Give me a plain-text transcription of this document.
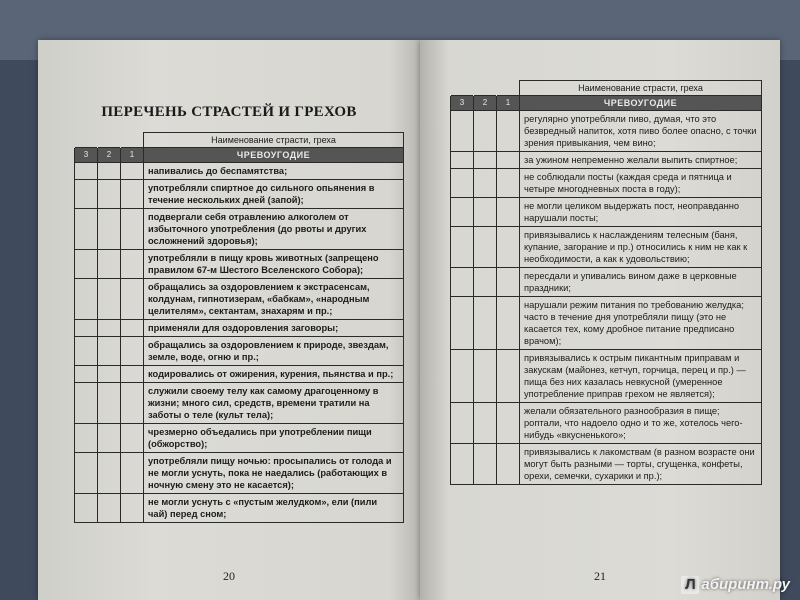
ПЕРЕЧЕНЬ СТРАСТЕЙ И ГРЕХОВ
			Наименование страсти, греха
3	2	1	ЧРЕВОУГОДИЕ
			напивались до беспамятства;
			употребляли спиртное до сильного опьянения в течение нескольких дней (запой);
			подвергали себя отравлению алкоголем от избыточного употребления (до рвоты и других осложнений здоровья);
			употребляли в пищу кровь животных (запрещено правилом 67-м Шестого Вселенского Собора);
			обращались за оздоровлением к экстрасенсам, колдунам, гипнотизерам, «бабкам», «народным целителям», сектантам, знахарям и пр.;
			применяли для оздоровления заговоры;
			обращались за оздоровлением к природе, звездам, земле, воде, огню и пр.;
			кодировались от ожирения, курения, пьянства и пр.;
			служили своему телу как самому драгоценному в жизни; много сил, средств, времени тратили на заботы о теле (культ тела);
			чрезмерно объедались при употреблении пищи (обжорство);
			употребляли пищу ночью: просыпались от голода и не могли уснуть, пока не наедались (работающих в ночную смену это не касается);
			не могли уснуть с «пустым желудком», ели (пили чай) перед сном;
20
			Наименование страсти, греха
3	2	1	ЧРЕВОУГОДИЕ
			регулярно употребляли пиво, думая, что это безвредный напиток, хотя пиво более опасно, с точки зрения привыкания, чем вино;
			за ужином непременно желали выпить спиртное;
			не соблюдали посты (каждая среда и пятница и четыре многодневных поста в году);
			не могли целиком выдержать пост, неоправданно нарушали посты;
			привязывались к наслаждениям телесным (баня, купание, загорание и пр.) относились к ним не как к необходимости, а как к удовольствию;
			пересдали и упивались вином даже в церковные праздники;
			нарушали режим питания по требованию желудка; часто в течение дня употребляли пищу (это не касается тех, кому дробное питание предписано врачом);
			привязывались к острым пикантным приправам и закускам (майонез, кетчуп, горчица, перец и пр.) — пища без них казалась невкусной (умеренное употребление приправ грехом не является);
			желали обязательного разнообразия в пище; роптали, что надоело одно и то же, хотелось чего-нибудь «вкусненького»;
			привязывались к лакомствам (в разном возрасте они могут быть разными — торты, сгущенка, конфеты, орехи, семечки, сухарики и пр.);
21	Л абиринт.ру
